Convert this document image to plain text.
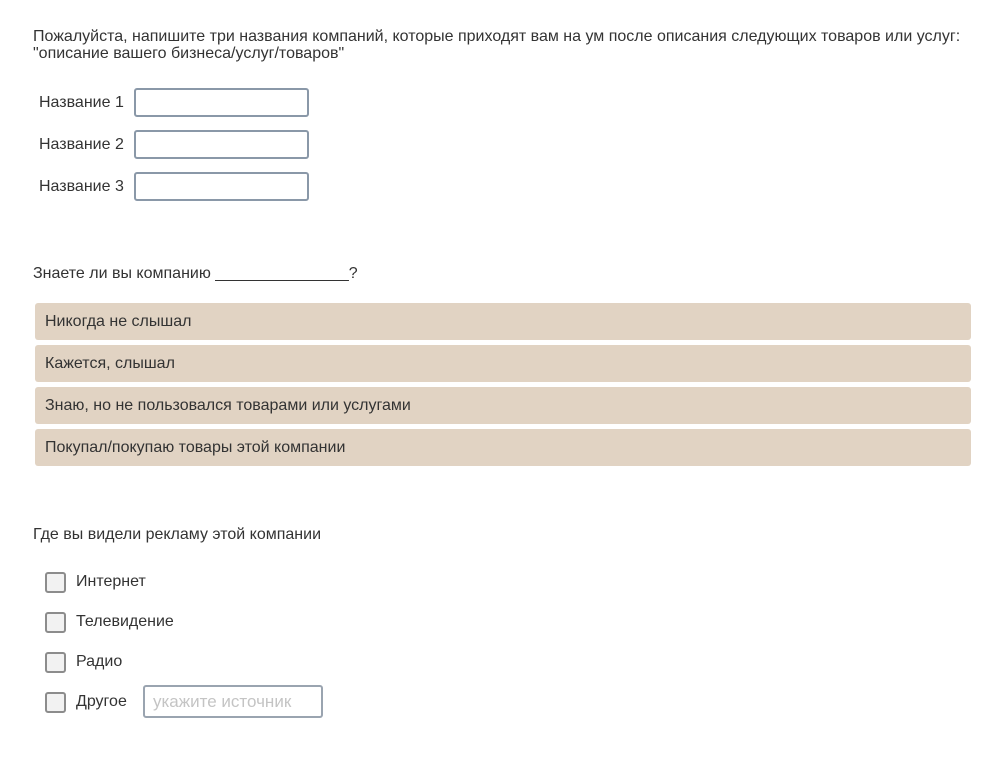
Пожалуйста, напишите три названия компаний, которые приходят вам на ум после описания следующих товаров или услуг: "описание вашего бизнеса/услуг/товаров"
Название 1
Название 2
Название 3
Знаете ли вы компанию _______________?
Никогда не слышал
Кажется, слышал
Знаю, но не пользовался товарами или услугами
Покупал/покупаю товары этой компании
Где вы видели рекламу этой компании
Интернет
Телевидение
Радио
Другое
укажите источник
